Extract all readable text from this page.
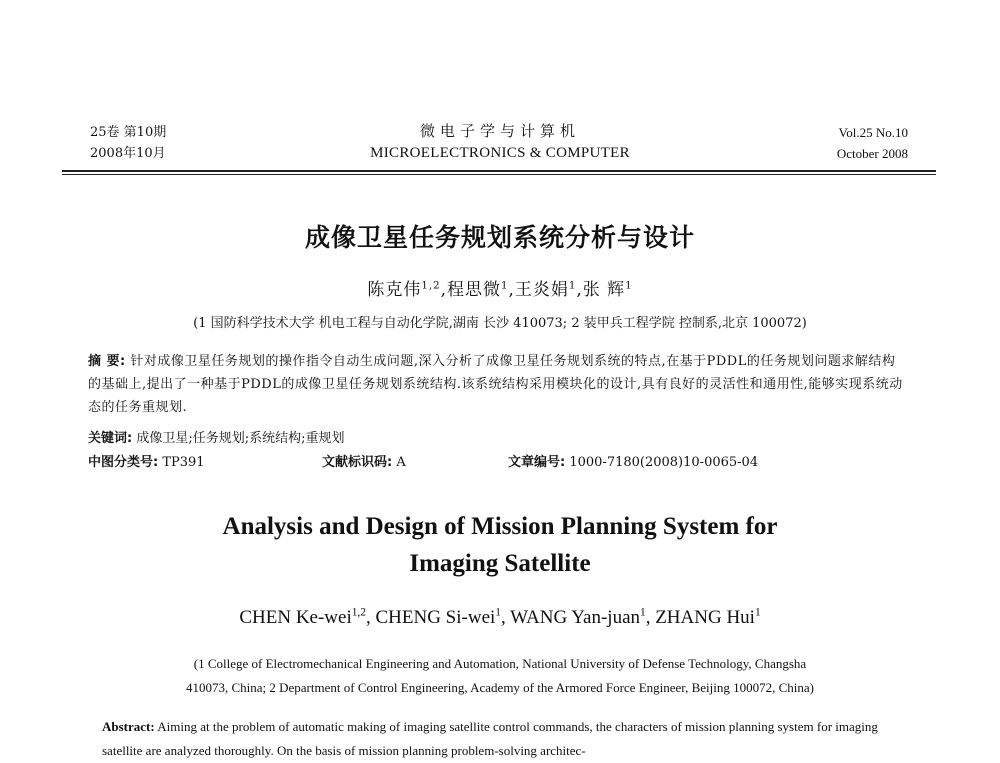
25卷 第10期
2008年10月
微电子学与计算机
MICROELECTRONICS & COMPUTER
Vol.25 No.10
October 2008
成像卫星任务规划系统分析与设计
陈克伟$^{1,2}$,程思微$^1$,王炎娟$^1$,张 辉$^1$
(1 国防科学技术大学 机电工程与自动化学院,湖南 长沙 410073; 2 装甲兵工程学院 控制系,北京 100072)
摘 要: 针对成像卫星任务规划的操作指令自动生成问题,深入分析了成像卫星任务规划系统的特点,在基于PDDL的任务规划问题求解结构的基础上,提出了一种基于PDDL的成像卫星任务规划系统结构.该系统结构采用模块化的设计,具有良好的灵活性和通用性,能够实现系统动态的任务重规划.
关键词: 成像卫星;任务规划;系统结构;重规划
中图分类号: TP391	文献标识码: A	文章编号: 1000-7180(2008)10-0065-04
Analysis and Design of Mission Planning System for
Imaging Satellite
CHEN Ke-wei$^{1,2}$, CHENG Si-wei$^1$, WANG Yan-juan$^1$, ZHANG Hui$^1$
(1 College of Electromechanical Engineering and Automation, National University of Defense Technology, Changsha
410073, China; 2 Department of Control Engineering, Academy of the Armored Force Engineer, Beijing 100072, China)
Abstract: Aiming at the problem of automatic making of imaging satellite control commands, the characters of mission planning system for imaging satellite are analyzed thoroughly. On the basis of mission planning problem-solving architec-
